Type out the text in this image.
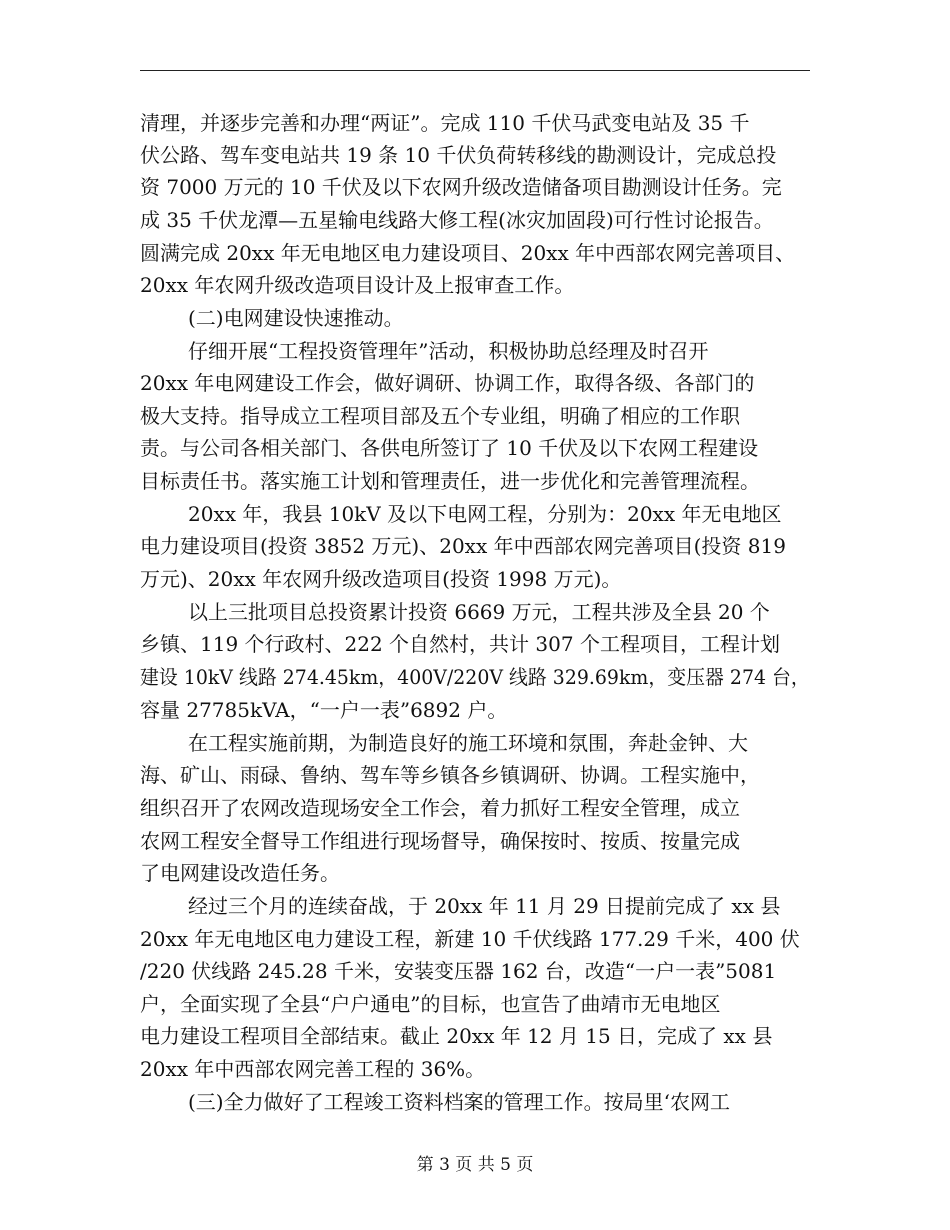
清理，并逐步完善和办理“两证”。完成 110 千伏马武变电站及 35 千
伏公路、驾车变电站共 19 条 10 千伏负荷转移线的勘测设计，完成总投
资 7000 万元的 10 千伏及以下农网升级改造储备项目勘测设计任务。完
成 35 千伏龙潭—五星输电线路大修工程(冰灾加固段)可行性讨论报告。
圆满完成 20xx 年无电地区电力建设项目、20xx 年中西部农网完善项目、
20xx 年农网升级改造项目设计及上报审查工作。
(二)电网建设快速推动。
仔细开展“工程投资管理年”活动，积极协助总经理及时召开
20xx 年电网建设工作会，做好调研、协调工作，取得各级、各部门的
极大支持。指导成立工程项目部及五个专业组，明确了相应的工作职
责。与公司各相关部门、各供电所签订了 10 千伏及以下农网工程建设
目标责任书。落实施工计划和管理责任，进一步优化和完善管理流程。
20xx 年，我县 10kV 及以下电网工程，分别为：20xx 年无电地区
电力建设项目(投资 3852 万元)、20xx 年中西部农网完善项目(投资 819
万元)、20xx 年农网升级改造项目(投资 1998 万元)。
以上三批项目总投资累计投资 6669 万元，工程共涉及全县 20 个
乡镇、119 个行政村、222 个自然村，共计 307 个工程项目，工程计划
建设 10kV 线路 274.45km，400V/220V 线路 329.69km，变压器 274 台，
容量 27785kVA，“一户一表”6892 户。
在工程实施前期，为制造良好的施工环境和氛围，奔赴金钟、大
海、矿山、雨碌、鲁纳、驾车等乡镇各乡镇调研、协调。工程实施中，
组织召开了农网改造现场安全工作会，着力抓好工程安全管理，成立
农网工程安全督导工作组进行现场督导，确保按时、按质、按量完成
了电网建设改造任务。
经过三个月的连续奋战，于 20xx 年 11 月 29 日提前完成了 xx 县
20xx 年无电地区电力建设工程，新建 10 千伏线路 177.29 千米，400 伏
/220 伏线路 245.28 千米，安装变压器 162 台，改造“一户一表”5081
户，全面实现了全县“户户通电”的目标，也宣告了曲靖市无电地区
电力建设工程项目全部结束。截止 20xx 年 12 月 15 日，完成了 xx 县
20xx 年中西部农网完善工程的 36%。
(三)全力做好了工程竣工资料档案的管理工作。按局里‘农网工
第 3 页 共 5 页
